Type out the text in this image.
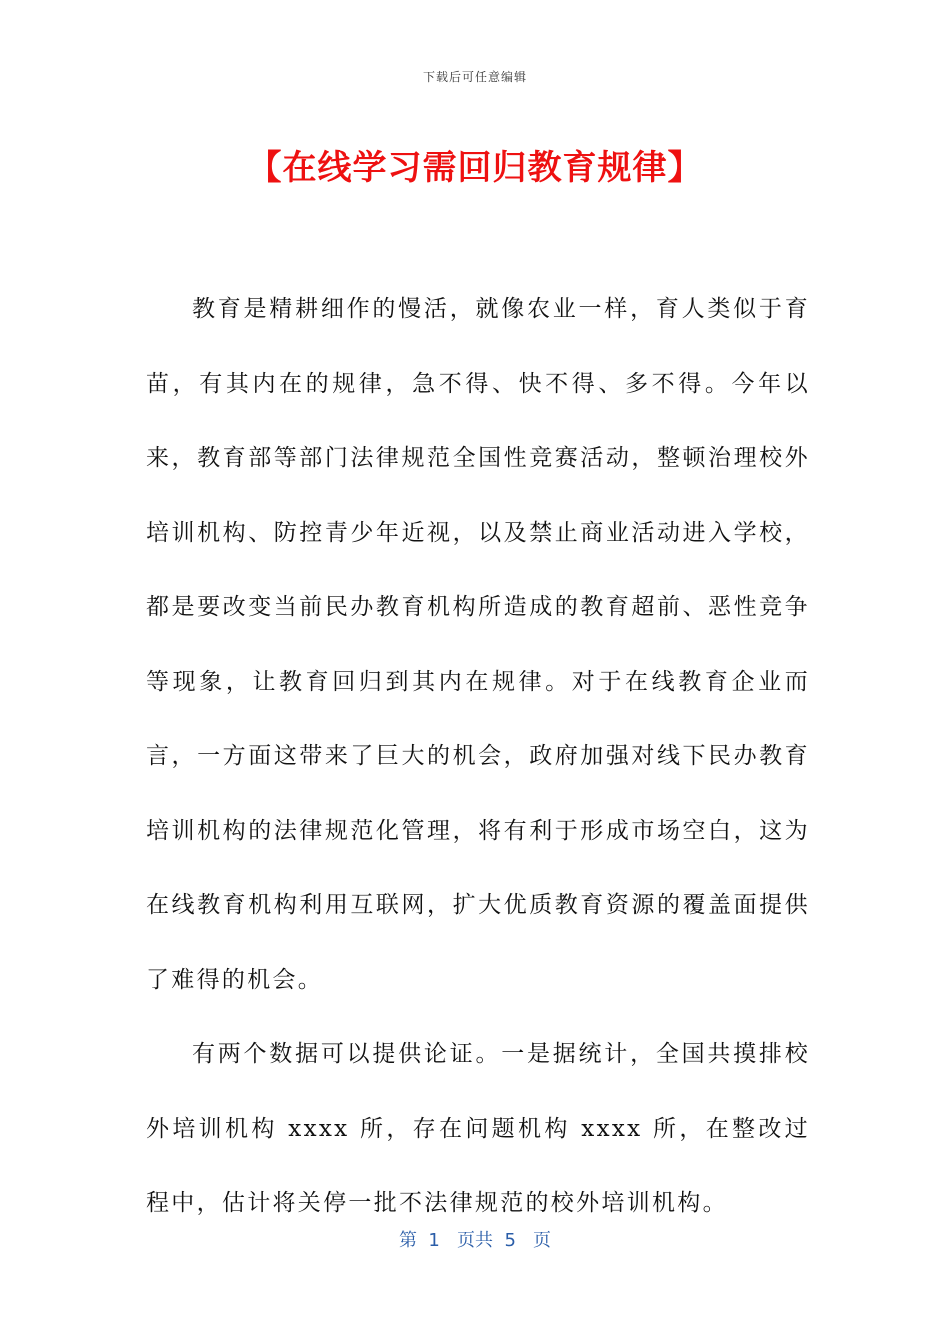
下载后可任意编辑
【在线学习需回归教育规律】

教育是精耕细作的慢活，就像农业一样，育人类似于育苗，有其内在的规律，急不得、快不得、多不得。今年以来，教育部等部门法律规范全国性竞赛活动，整顿治理校外培训机构、防控青少年近视，以及禁止商业活动进入学校，都是要改变当前民办教育机构所造成的教育超前、恶性竞争等现象，让教育回归到其内在规律。对于在线教育企业而言，一方面这带来了巨大的机会，政府加强对线下民办教育培训机构的法律规范化管理，将有利于形成市场空白，这为在线教育机构利用互联网，扩大优质教育资源的覆盖面提供了难得的机会。

有两个数据可以提供论证。一是据统计，全国共摸排校外培训机构 xxxx 所，存在问题机构 xxxx 所，在整改过程中，估计将关停一批不法律规范的校外培训机构。

第  1   页共  5   页
